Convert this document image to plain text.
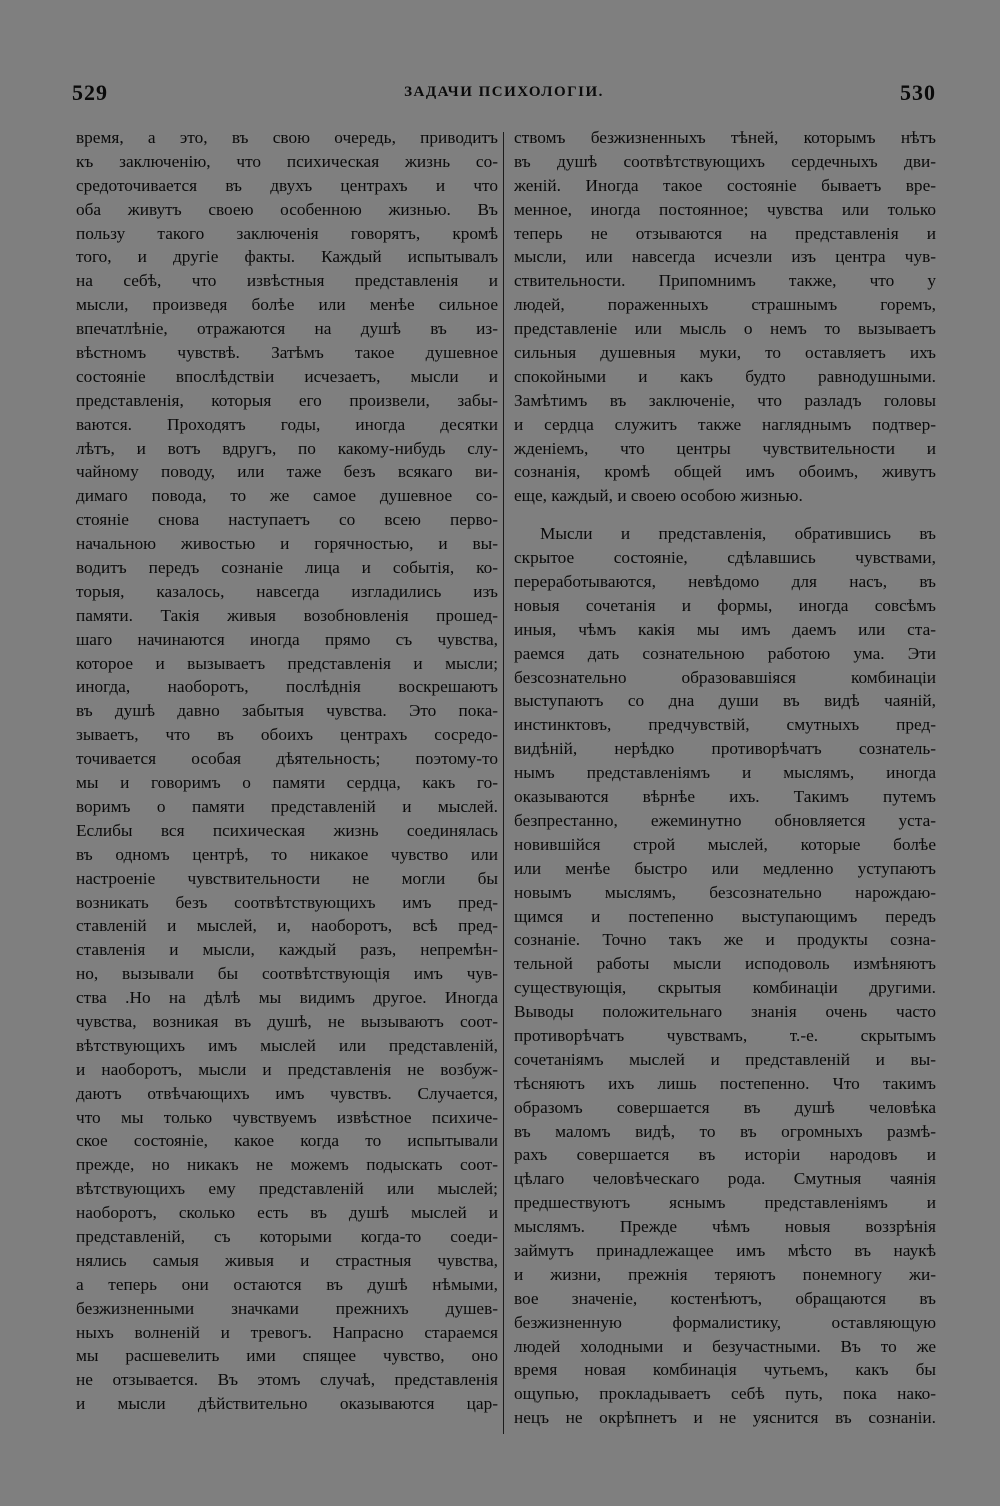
529	ЗАДАЧИ ПСИХОЛОГІИ.	530
время, а это, въ свою очередь, приводитъ
къ заключенію, что психическая жизнь со-
средоточивается въ двухъ центрахъ и что
оба живутъ своею особенною жизнью. Въ
пользу такого заключенія говорятъ, кромѣ
того, и другіе факты. Каждый испытывалъ
на себѣ, что извѣстныя представленія и
мысли, произведя болѣе или менѣе сильное
впечатлѣніе, отражаются на душѣ въ из-
вѣстномъ чувствѣ. Затѣмъ такое душевное
состояніе впослѣдствіи исчезаетъ, мысли и
представленія, которыя его произвели, забы-
ваются. Проходятъ годы, иногда десятки
лѣтъ, и вотъ вдругъ, по какому-нибудь слу-
чайному поводу, или таже безъ всякаго ви-
димаго повода, то же самое душевное со-
стояніе снова наступаетъ со всею перво-
начальною живостью и горячностью, и вы-
водитъ передъ сознаніе лица и событія, ко-
торыя, казалось, навсегда изгладились изъ
памяти. Такія живыя возобновленія прошед-
шаго начинаются иногда прямо съ чувства,
которое и вызываетъ представленія и мысли;
иногда, наоборотъ, послѣднія воскрешаютъ
въ душѣ давно забытыя чувства. Это пока-
зываетъ, что въ обоихъ центрахъ сосредо-
точивается особая дѣятельность; поэтому-то
мы и говоримъ о памяти сердца, какъ го-
воримъ о памяти представленій и мыслей.
Еслибы вся психическая жизнь соединялась
въ одномъ центрѣ, то никакое чувство или
настроеніе чувствительности не могли бы
возникать безъ соотвѣтствующихъ имъ пред-
ставленій и мыслей, и, наоборотъ, всѣ пред-
ставленія и мысли, каждый разъ, непремѣн-
но, вызывали бы соотвѣтствующія имъ чув-
ства .Но на дѣлѣ мы видимъ другое. Иногда
чувства, возникая въ душѣ, не вызываютъ соот-
вѣтствующихъ имъ мыслей или представленій,
и наоборотъ, мысли и представленія не возбуж-
даютъ отвѣчающихъ имъ чувствъ. Случается,
что мы только чувствуемъ извѣстное психиче-
ское состояніе, какое когда то испытывали
прежде, но никакъ не можемъ подыскать соот-
вѣтствующихъ ему представленій или мыслей;
наоборотъ, сколько есть въ душѣ мыслей и
представленій, съ которыми когда-то соеди-
нялись самыя живыя и страстныя чувства,
а теперь они остаются въ душѣ нѣмыми,
безжизненными значками прежнихъ душев-
ныхъ волненій и тревогъ. Напрасно стараемся
мы расшевелить ими спящее чувство, оно
не отзывается. Въ этомъ случаѣ, представленія
и мысли дѣйствительно оказываются цар-
ствомъ безжизненныхъ тѣней, которымъ нѣтъ
въ душѣ соотвѣтствующихъ сердечныхъ дви-
женій. Иногда такое состояніе бываетъ вре-
менное, иногда постоянное; чувства или только
теперь не отзываются на представленія и
мысли, или навсегда исчезли изъ центра чув-
ствительности. Припомнимъ также, что у
людей, пораженныхъ страшнымъ горемъ,
представленіе или мысль о немъ то вызываетъ
сильныя душевныя муки, то оставляетъ ихъ
спокойными и какъ будто равнодушными.
Замѣтимъ въ заключеніе, что разладъ головы
и сердца служитъ также нагляднымъ подтвер-
жденіемъ, что центры чувствительности и
сознанія, кромѣ общей имъ обоимъ, живутъ
еще, каждый, и своею особою жизнью.
Мысли и представленія, обратившись въ
скрытое состояніе, сдѣлавшись чувствами,
переработываются, невѣдомо для насъ, въ
новыя сочетанія и формы, иногда совсѣмъ
иныя, чѣмъ какія мы имъ даемъ или ста-
раемся дать сознательною работою ума. Эти
безсознательно образовавшіяся комбинаціи
выступаютъ со дна души въ видѣ чаяній,
инстинктовъ, предчувствій, смутныхъ пред-
видѣній, нерѣдко противорѣчатъ сознатель-
нымъ представленіямъ и мыслямъ, иногда
оказываются вѣрнѣе ихъ. Такимъ путемъ
безпрестанно, ежеминутно обновляется уста-
новившійся строй мыслей, которые болѣе
или менѣе быстро или медленно уступаютъ
новымъ мыслямъ, безсознательно нарождаю-
щимся и постепенно выступающимъ передъ
сознаніе. Точно такъ же и продукты созна-
тельной работы мысли исподоволь измѣняютъ
существующія, скрытыя комбинаціи другими.
Выводы положительнаго знанія очень часто
противорѣчатъ чувствамъ, т.-е. скрытымъ
сочетаніямъ мыслей и представленій и вы-
тѣсняютъ ихъ лишь постепенно. Что такимъ
образомъ совершается въ душѣ человѣка
въ маломъ видѣ, то въ огромныхъ размѣ-
рахъ совершается въ исторіи народовъ и
цѣлаго человѣческаго рода. Смутныя чаянія
предшествуютъ яснымъ представленіямъ и
мыслямъ. Прежде чѣмъ новыя воззрѣнія
займутъ принадлежащее имъ мѣсто въ наукѣ
и жизни, прежнія теряютъ понемногу жи-
вое значеніе, костенѣютъ, обращаются въ
безжизненную формалистику, оставляющую
людей холодными и безучастными. Въ то же
время новая комбинація чутьемъ, какъ бы
ощупью, прокладываетъ себѣ путь, пока нако-
нецъ не окрѣпнетъ и не уяснится въ сознаніи.
